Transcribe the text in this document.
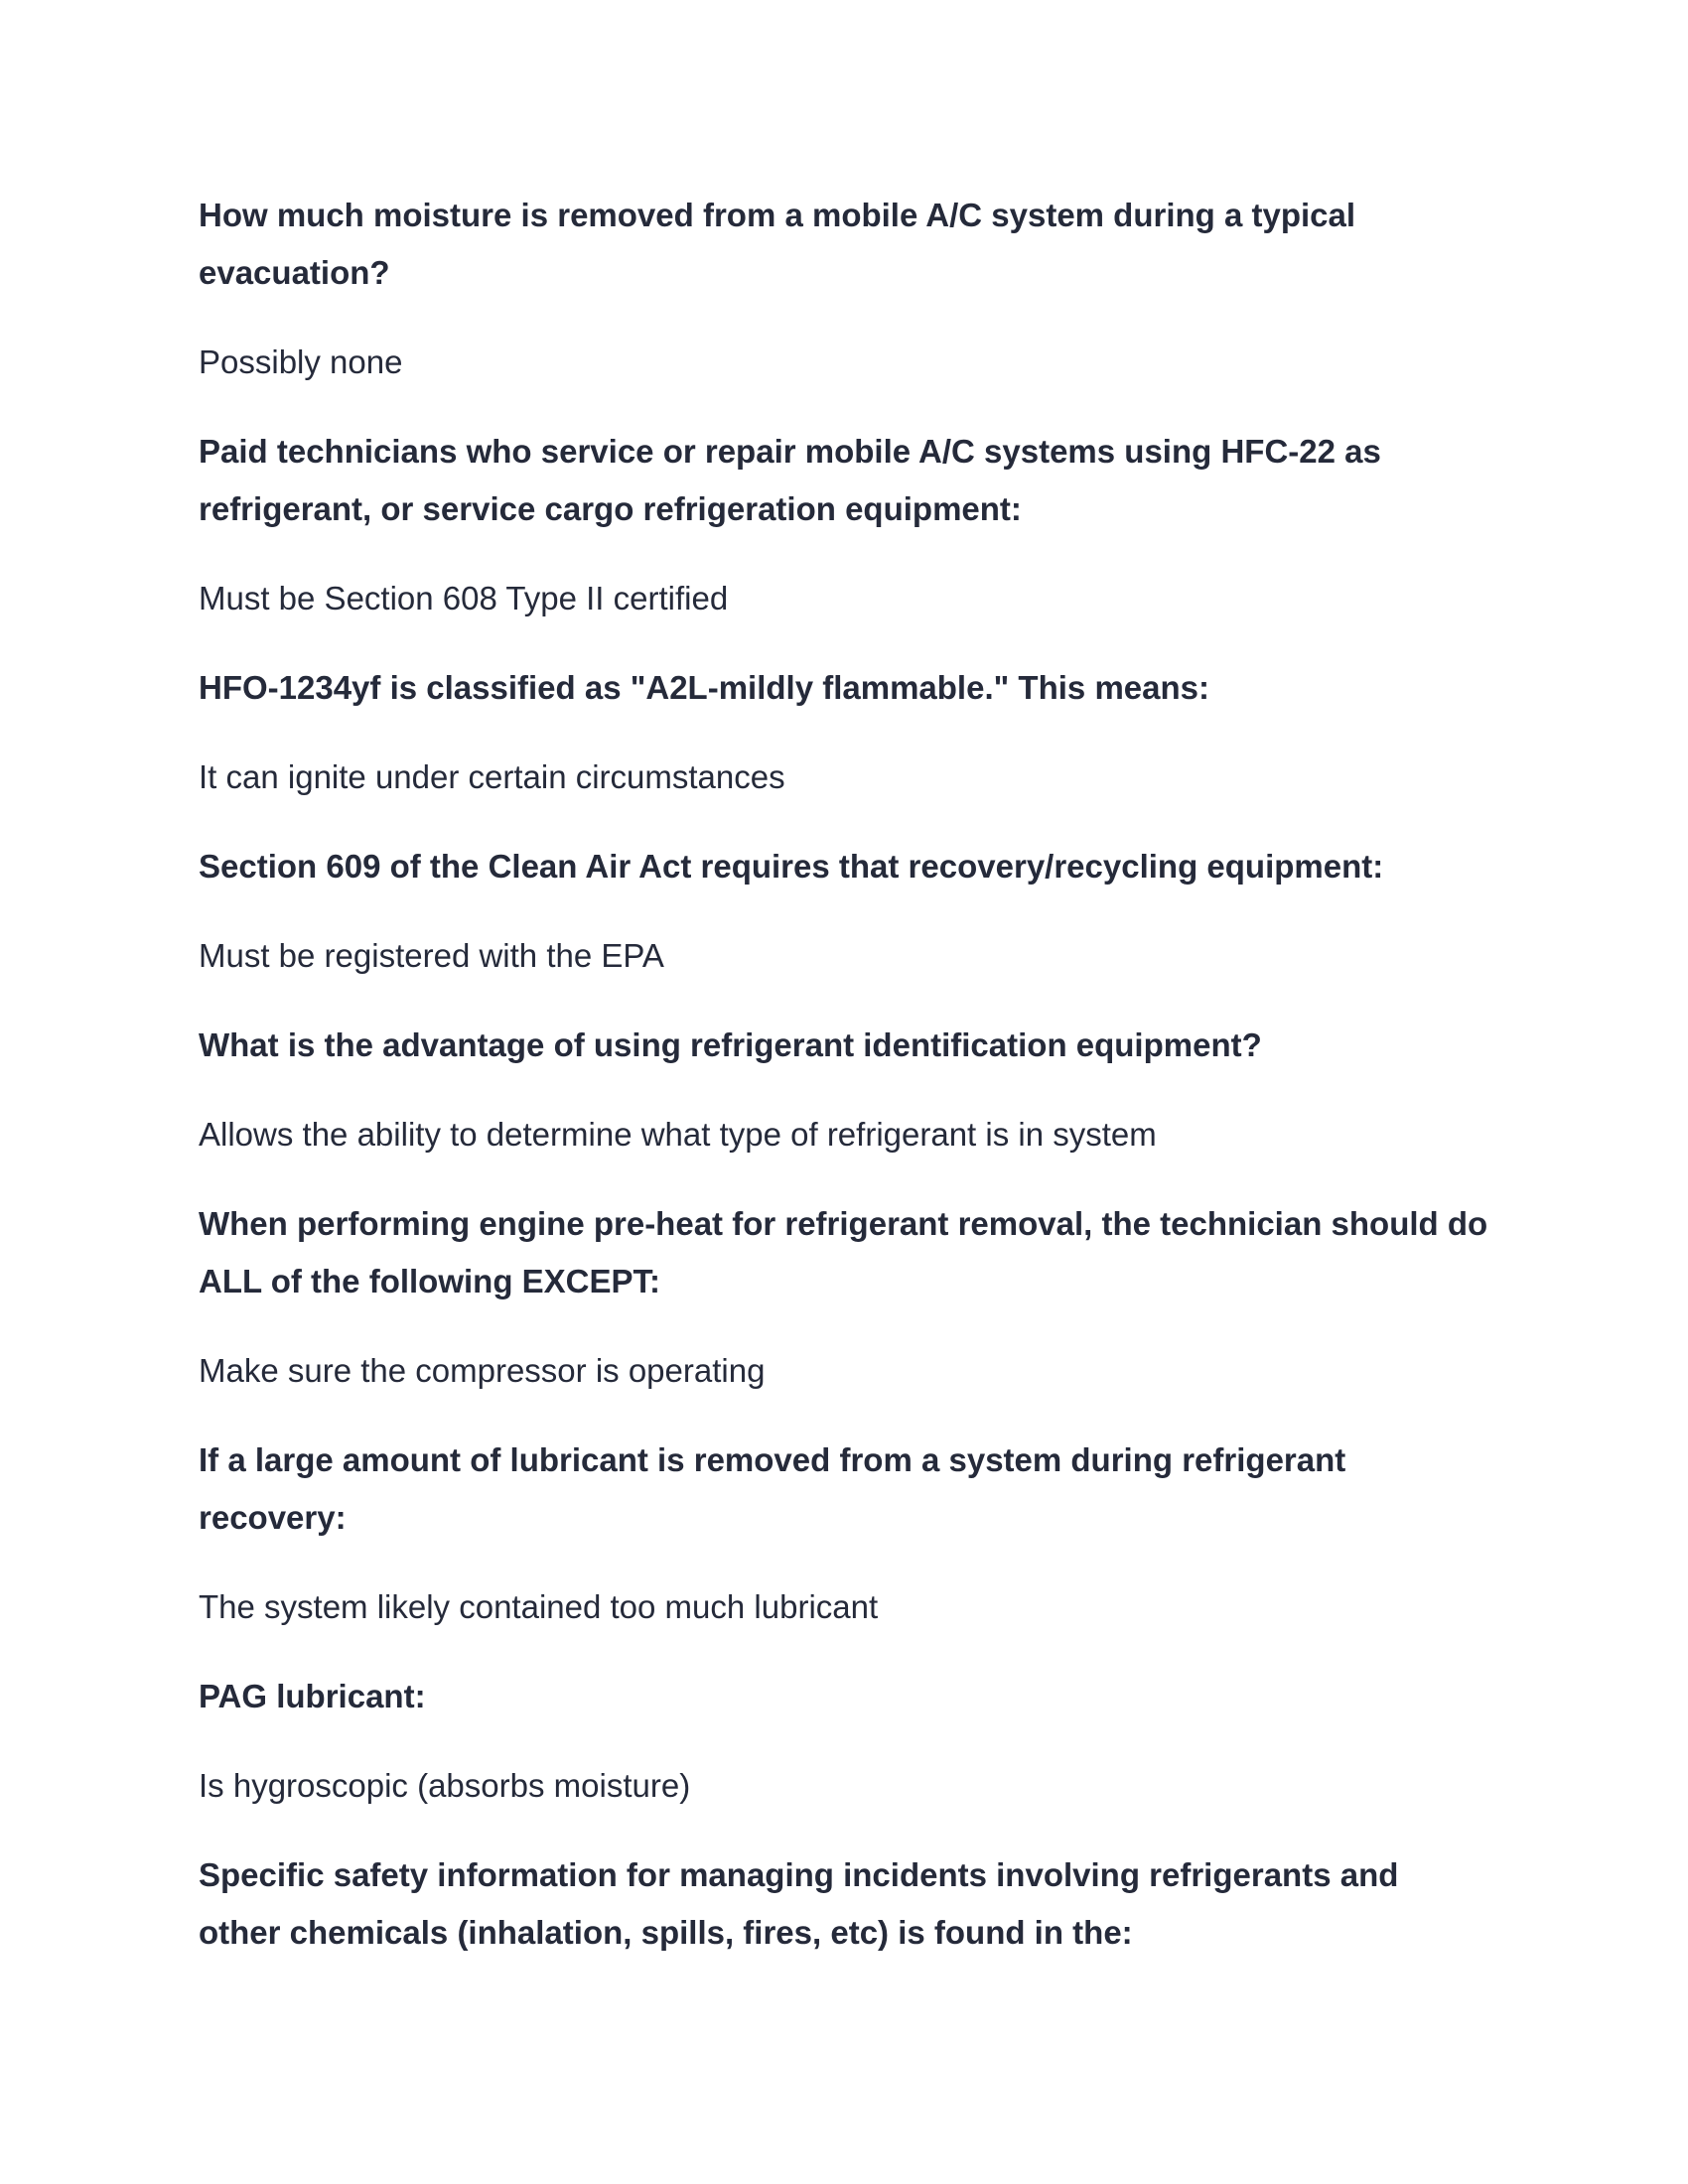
How much moisture is removed from a mobile A/C system during a typical evacuation?

Possibly none

Paid technicians who service or repair mobile A/C systems using HFC-22 as refrigerant, or service cargo refrigeration equipment:

Must be Section 608 Type II certified

HFO-1234yf is classified as "A2L-mildly flammable." This means:

It can ignite under certain circumstances

Section 609 of the Clean Air Act requires that recovery/recycling equipment:

Must be registered with the EPA

What is the advantage of using refrigerant identification equipment?

Allows the ability to determine what type of refrigerant is in system

When performing engine pre-heat for refrigerant removal, the technician should do ALL of the following EXCEPT:

Make sure the compressor is operating

If a large amount of lubricant is removed from a system during refrigerant recovery:

The system likely contained too much lubricant

PAG lubricant:

Is hygroscopic (absorbs moisture)

Specific safety information for managing incidents involving refrigerants and other chemicals (inhalation, spills, fires, etc) is found in the:
